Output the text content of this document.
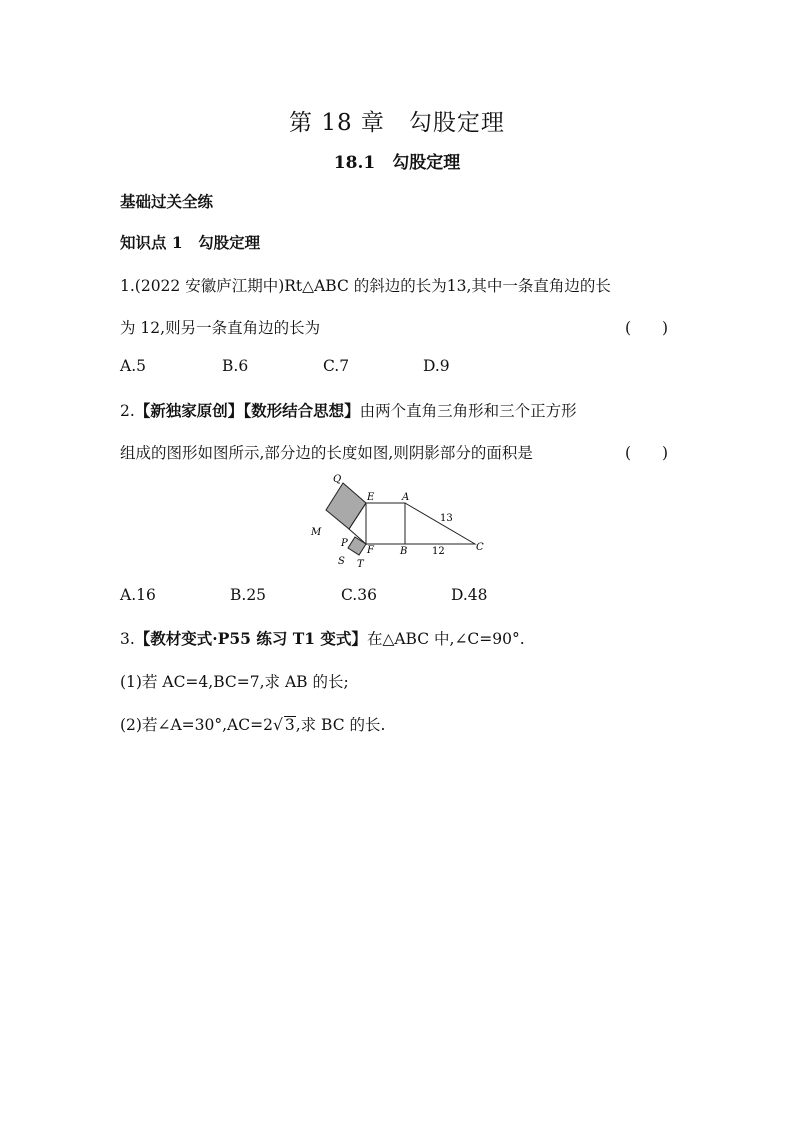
第 18 章　勾股定理
18.1　勾股定理
基础过关全练
知识点 1　勾股定理
1.(2022 安徽庐江期中)Rt△ABC 的斜边的长为13,其中一条直角边的长
为 12,则另一条直角边的长为	(　　)
A.5	B.6	C.7	D.9
2.【新独家原创】【数形结合思想】由两个直角三角形和三个正方形
组成的图形如图所示,部分边的长度如图,则阴影部分的面积是	(　　)
Q
E	A
M
P
F	B	C
S T
13
12
A.16	B.25	C.36	D.48
3.【教材变式·P55 练习 T1 变式】在△ABC 中,∠C=90°.
(1)若 AC=4,BC=7,求 AB 的长;
(2)若∠A=30°,AC=2√ 3,求 BC 的长.
